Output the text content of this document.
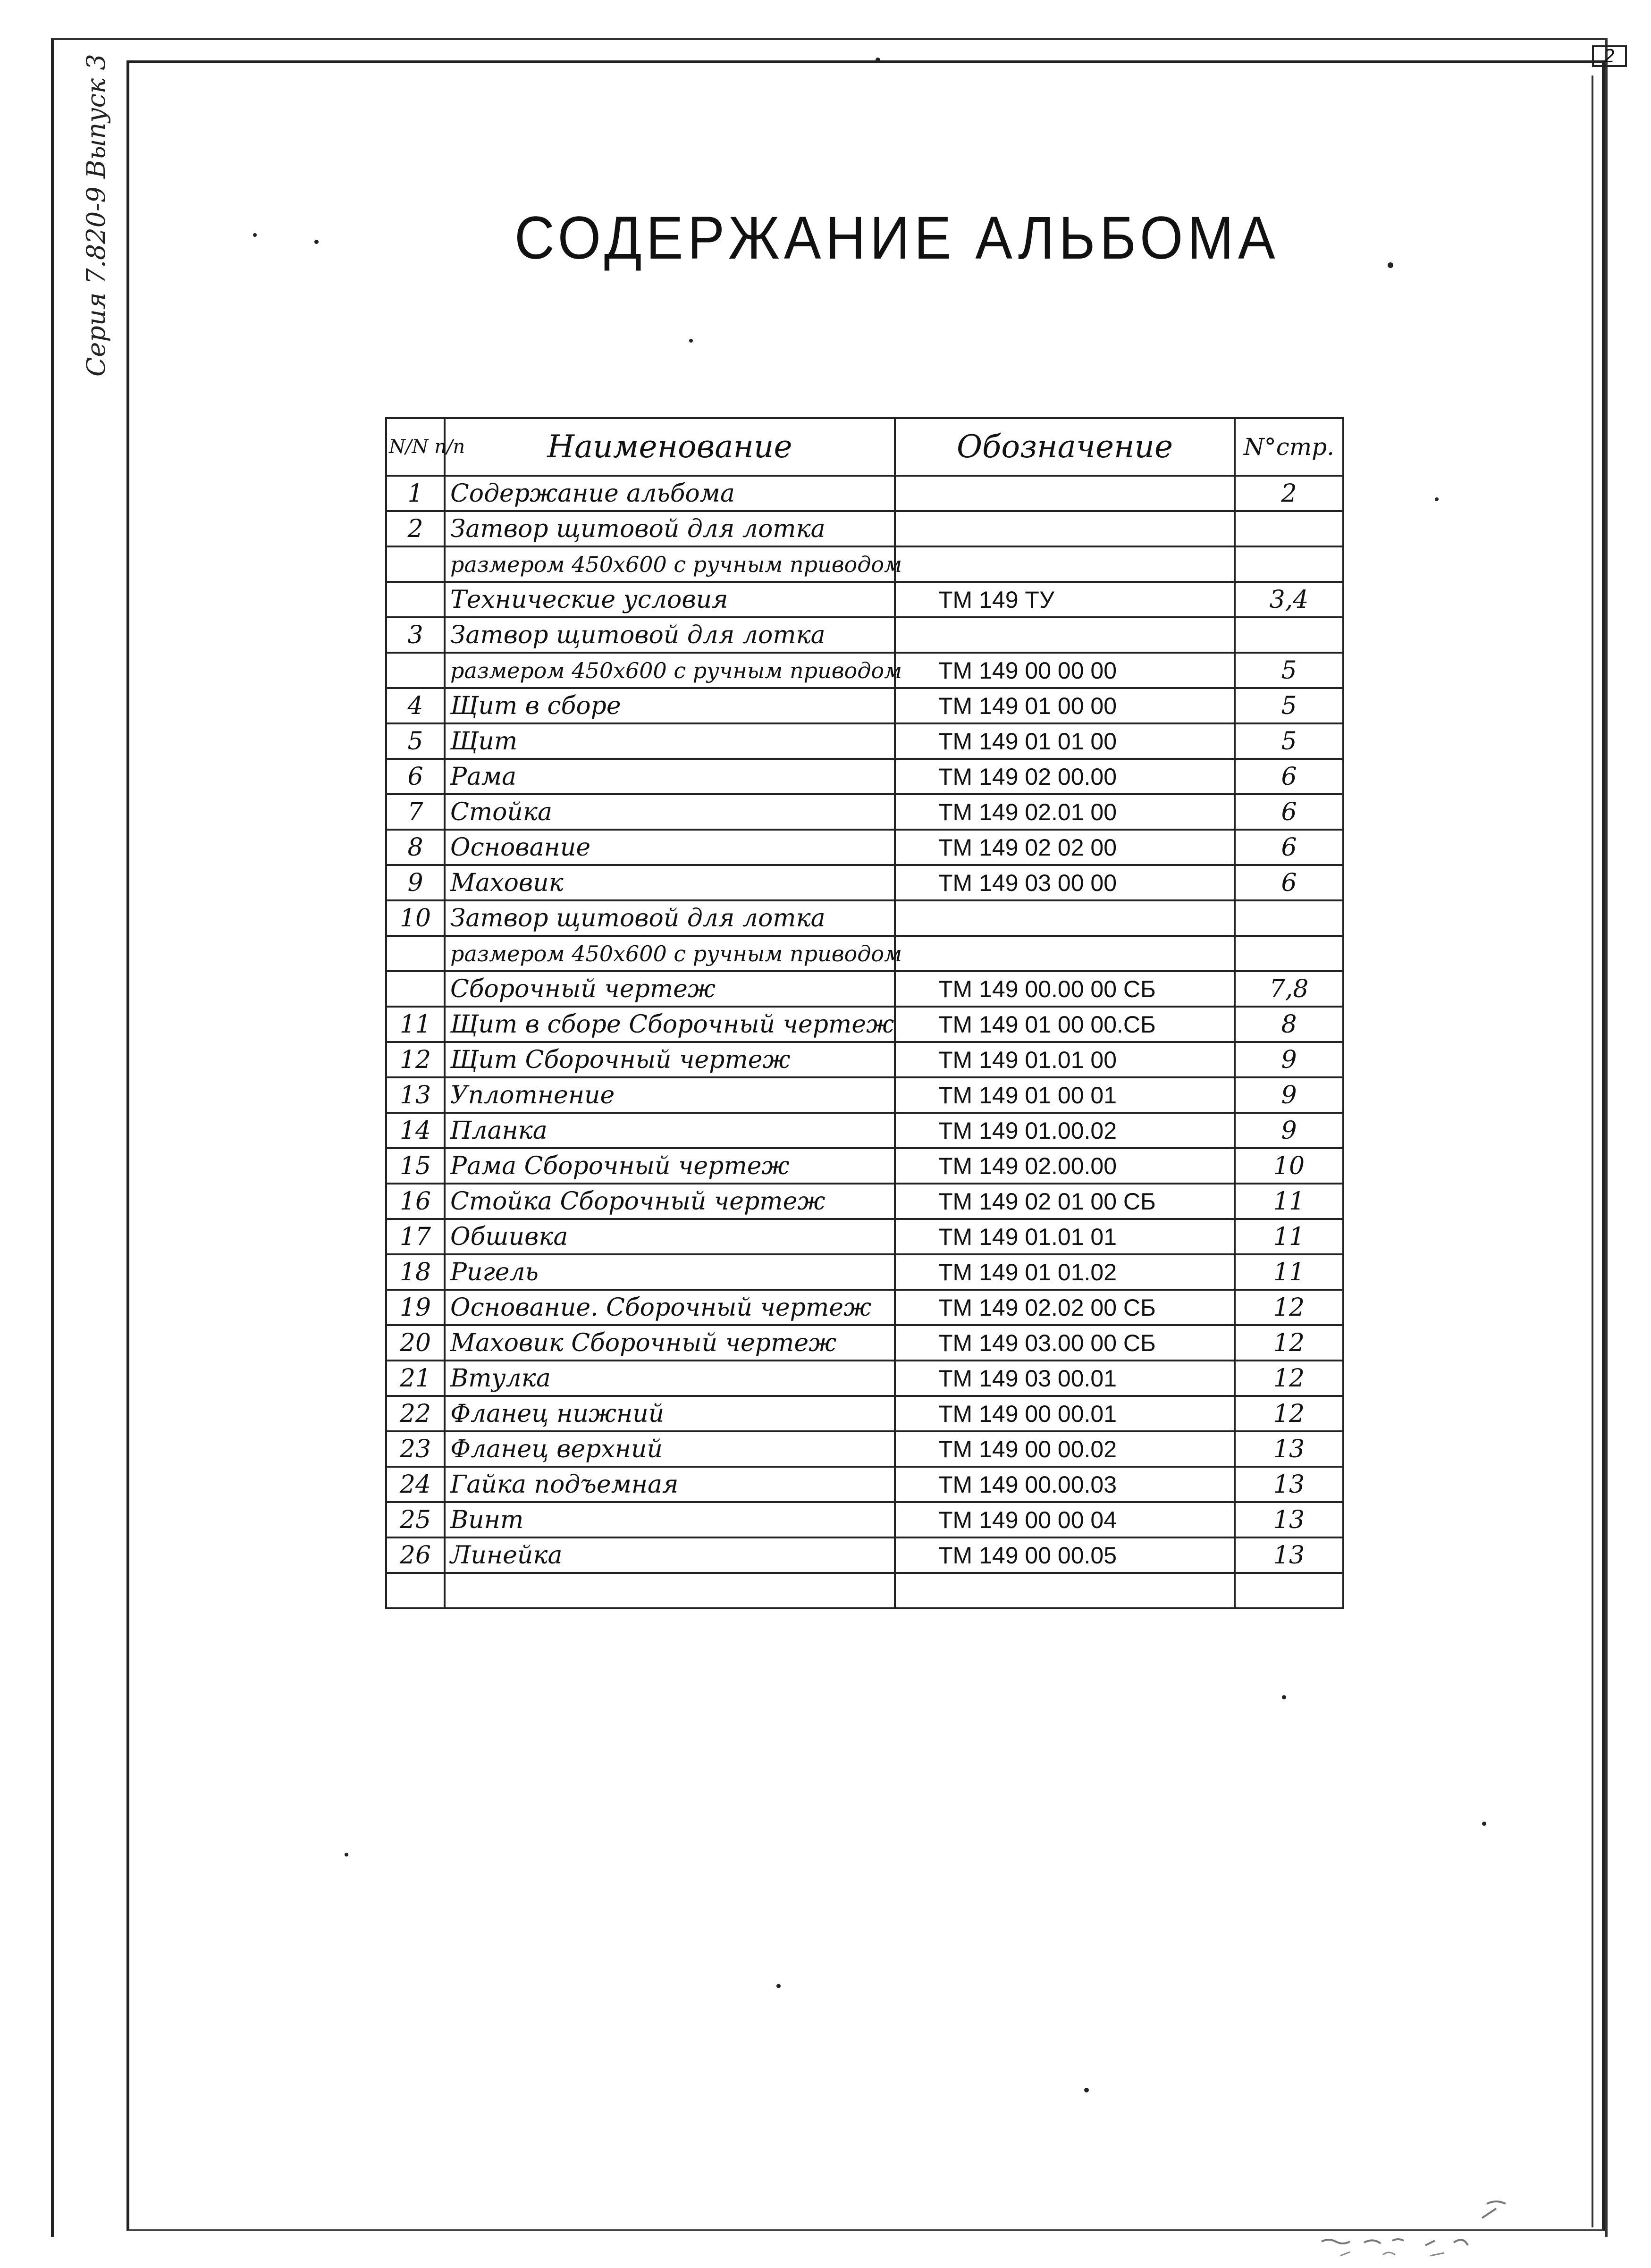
2
Серия 7.820-9 Выпуск 3	СОДЕРЖАНИЕ АЛЬБОМА
N/N п/п	Наименование	Обозначение	N°стр.
1	Содержание альбома		2
2	Затвор щитовой для лотка		
	размером 450х600 с ручным приводом		
	Технические условия	ТМ 149 ТУ	3,4
3	Затвор щитовой для лотка		
	размером 450х600 с ручным приводом	ТМ 149 00 00 00	5
4	Щит в сборе	ТМ 149 01 00 00	5
5	Щит	ТМ 149 01 01 00	5
6	Рама	ТМ 149 02 00.00	6
7	Стойка	ТМ 149 02.01 00	6
8	Основание	ТМ 149 02 02 00	6
9	Маховик	ТМ 149 03 00 00	6
10	Затвор щитовой для лотка		
	размером 450х600 с ручным приводом		
	Сборочный чертеж	ТМ 149 00.00 00 СБ	7,8
11	Щит в сборе Сборочный чертеж	ТМ 149 01 00 00.СБ	8
12	Щит Сборочный чертеж	ТМ 149 01.01 00	9
13	Уплотнение	ТМ 149 01 00 01	9
14	Планка	ТМ 149 01.00.02	9
15	Рама Сборочный чертеж	ТМ 149 02.00.00	10
16	Стойка Сборочный чертеж	ТМ 149 02 01 00 СБ	11
17	Обшивка	ТМ 149 01.01 01	11
18	Ригель	ТМ 149 01 01.02	11
19	Основание. Сборочный чертеж	ТМ 149 02.02 00 СБ	12
20	Маховик Сборочный чертеж	ТМ 149 03.00 00 СБ	12
21	Втулка	ТМ 149 03 00.01	12
22	Фланец нижний	ТМ 149 00 00.01	12
23	Фланец верхний	ТМ 149 00 00.02	13
24	Гайка подъемная	ТМ 149 00.00.03	13
25	Винт	ТМ 149 00 00 04	13
26	Линейка	ТМ 149 00 00.05	13
